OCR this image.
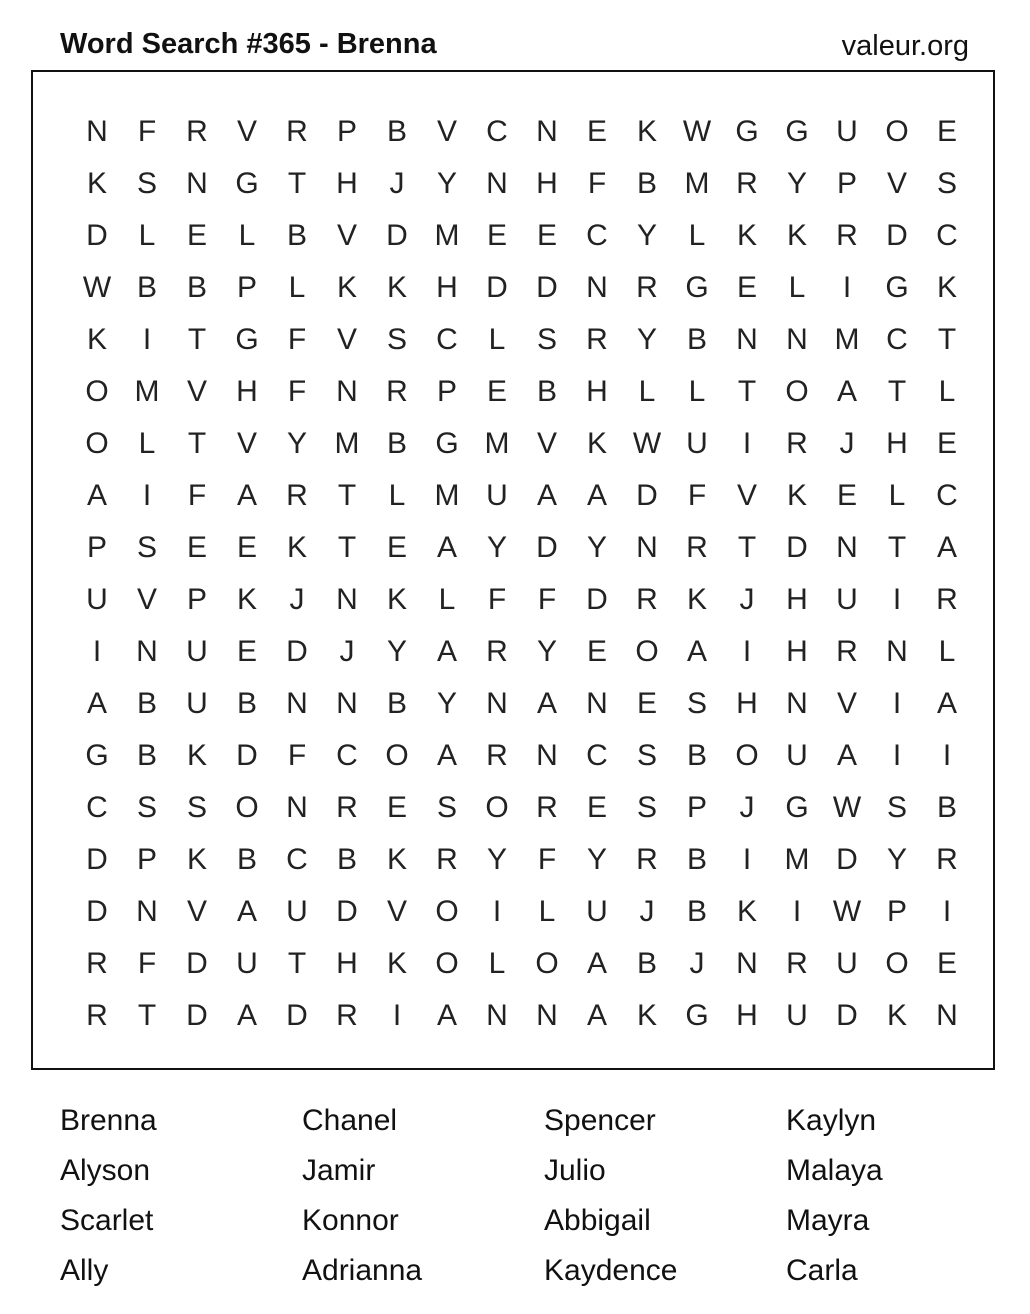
Word Search #365 - Brenna	valeur.org
N	F	R V R P B V C N E K W G G U O E
K S N G T	H	J	Y N H	F	B M R Y P V S
D	L	E	L	B V D M E E C Y	L	K K R D C
W B B P	L	K K H D D N R G E	L	I	G K
K	I	T G F	V S C	L	S R Y B N N M C	T
O M V H	F	N R P E B H	L	L	T O A	T	L
O L	T	V Y M B G M V K W U	I	R	J	H E
A	I	F	A R	T	L M U A A D	F	V K E	L	C
P S E E K	T	E A Y D Y N R	T	D N	T	A
U V P K	J	N K	L	F	F	D R K	J	H U	I	R
I	N U E D	J	Y A R Y E O A	I	H R N	L
A B U B N N B Y N A N E S H N V	I	A
G B K D	F	C O A R N C S B O U A	I	I
C S S O N R E S O R E S P	J	G W S B
D P K B C B K R Y	F	Y R B	I	M D Y R
D N V A U D V O	I	L	U	J	B K	I	W P	I
R	F	D U	T	H K O L O A B	J	N R U O E
R	T	D A D R	I	A N N A K G H U D K N
Brenna	Chanel	Spencer	Kaylyn
Alyson	Jamir	Julio	Malaya
Scarlet	Konnor	Abbigail	Mayra
Ally	Adrianna	Kaydence	Carla
